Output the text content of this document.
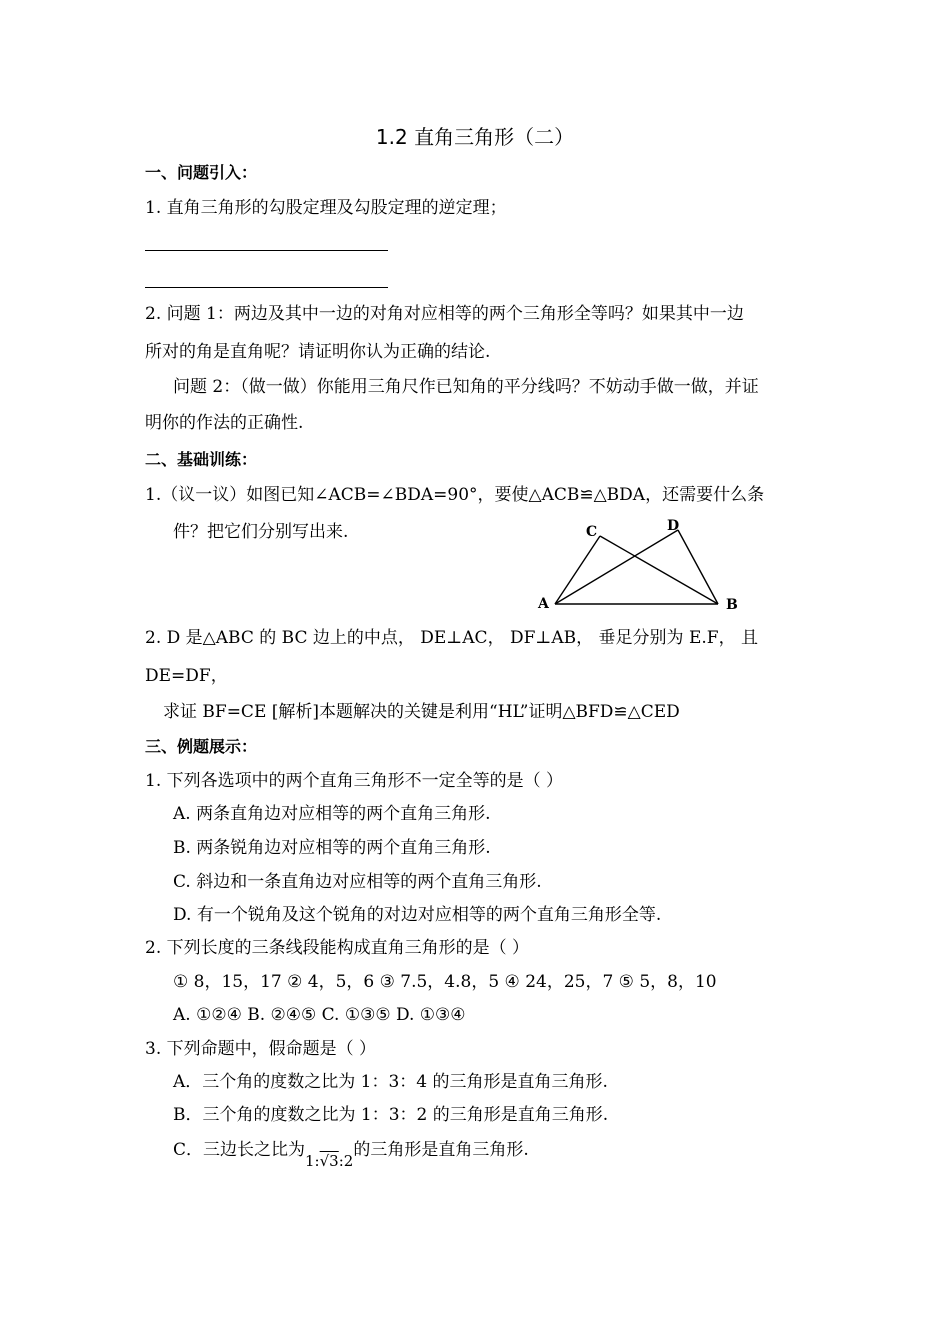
1.2 直角三角形（二）
一、问题引入：
1. 直角三角形的勾股定理及勾股定理的逆定理；
2. 问题 1：两边及其中一边的对角对应相等的两个三角形全等吗？如果其中一边
所对的角是直角呢？请证明你认为正确的结论.
问题 2：（做一做）你能用三角尺作已知角的平分线吗？不妨动手做一做，并证
明你的作法的正确性.
二、基础训练：
1.（议一议）如图已知∠ACB=∠BDA=90°，要使△ACB≌△BDA，还需要什么条
件？把它们分别写出来.
A	B
C	D
2. D 是△ABC 的 BC 边上的中点， DE⊥AC， DF⊥AB， 垂足分别为 E.F， 且
DE=DF，
求证 BF=CE [解析]本题解决的关键是利用“HL”证明△BFD≌△CED
三、例题展示：
1. 下列各选项中的两个直角三角形不一定全等的是（ ）
A. 两条直角边对应相等的两个直角三角形.
B. 两条锐角边对应相等的两个直角三角形.
C. 斜边和一条直角边对应相等的两个直角三角形.
D. 有一个锐角及这个锐角的对边对应相等的两个直角三角形全等.
2. 下列长度的三条线段能构成直角三角形的是（ ）
① 8，15，17 ② 4，5，6 ③ 7.5，4.8，5 ④ 24，25，7 ⑤ 5，8，10
A. ①②④ B. ②④⑤ C. ①③⑤ D. ①③④
3. 下列命题中，假命题是（ ）
A．三个角的度数之比为 1：3：4 的三角形是直角三角形.
B．三个角的度数之比为 1：3：2 的三角形是直角三角形.
C．三边长之比为1:√3:2的三角形是直角三角形.
